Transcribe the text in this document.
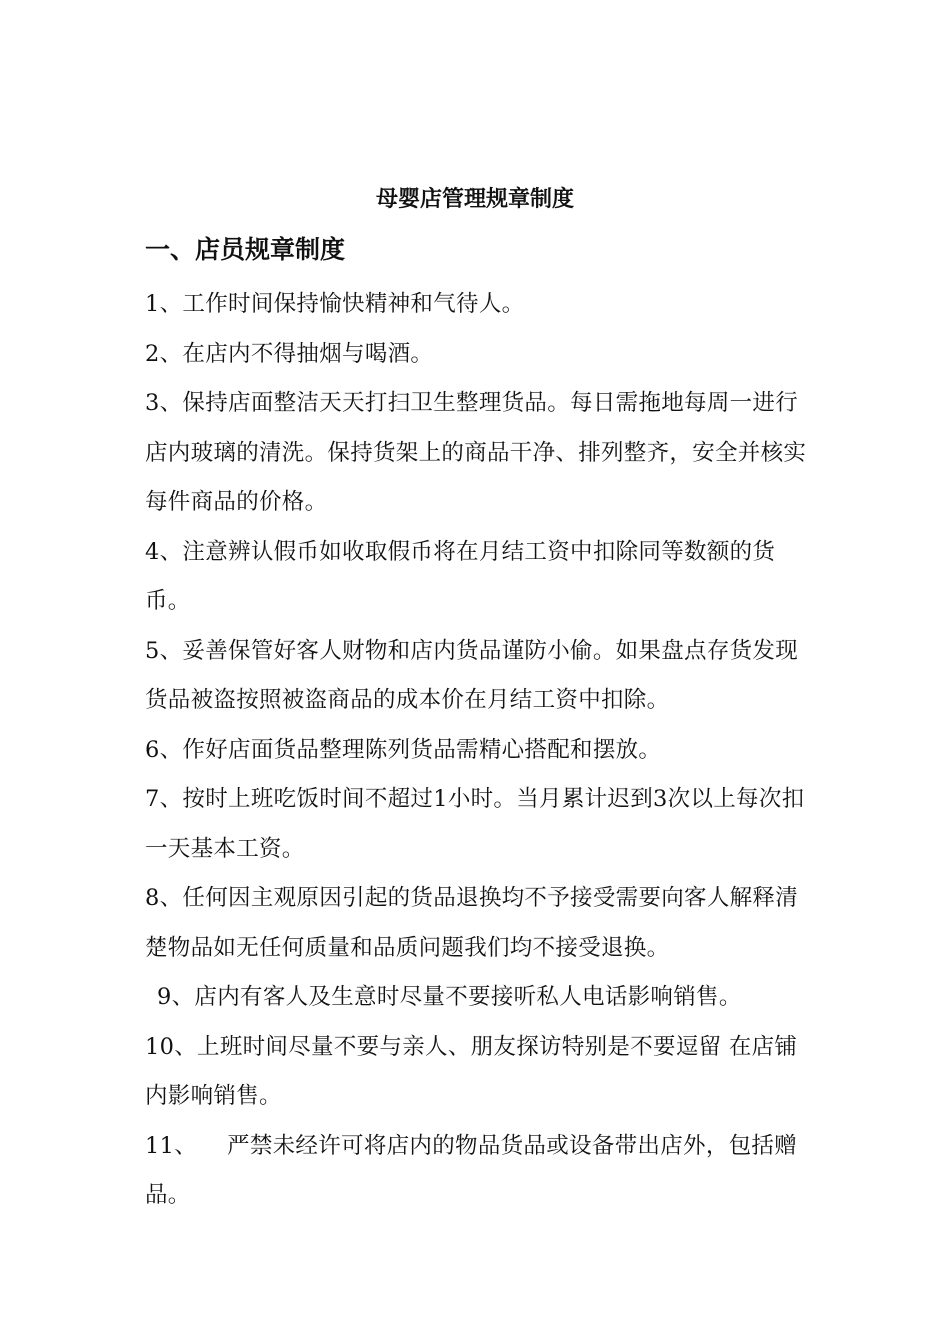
母婴店管理规章制度
一、店员规章制度

1、工作时间保持愉快精神和气待人。

2、在店内不得抽烟与喝酒。

3、保持店面整洁天天打扫卫生整理货品。每日需拖地每周一进行店内玻璃的清洗。保持货架上的商品干净、排列整齐，安全并核实每件商品的价格。

4、注意辨认假币如收取假币将在月结工资中扣除同等数额的货币。

5、妥善保管好客人财物和店内货品谨防小偷。如果盘点存货发现货品被盗按照被盗商品的成本价在月结工资中扣除。

6、作好店面货品整理陈列货品需精心搭配和摆放。

7、按时上班吃饭时间不超过1小时。当月累计迟到3次以上每次扣一天基本工资。

8、任何因主观原因引起的货品退换均不予接受需要向客人解释清楚物品如无任何质量和品质问题我们均不接受退换。

9、店内有客人及生意时尽量不要接听私人电话影响销售。

10、上班时间尽量不要与亲人、朋友探访特别是不要逗留 在店铺内影响销售。

11、 严禁未经许可将店内的物品货品或设备带出店外，包括赠品。
